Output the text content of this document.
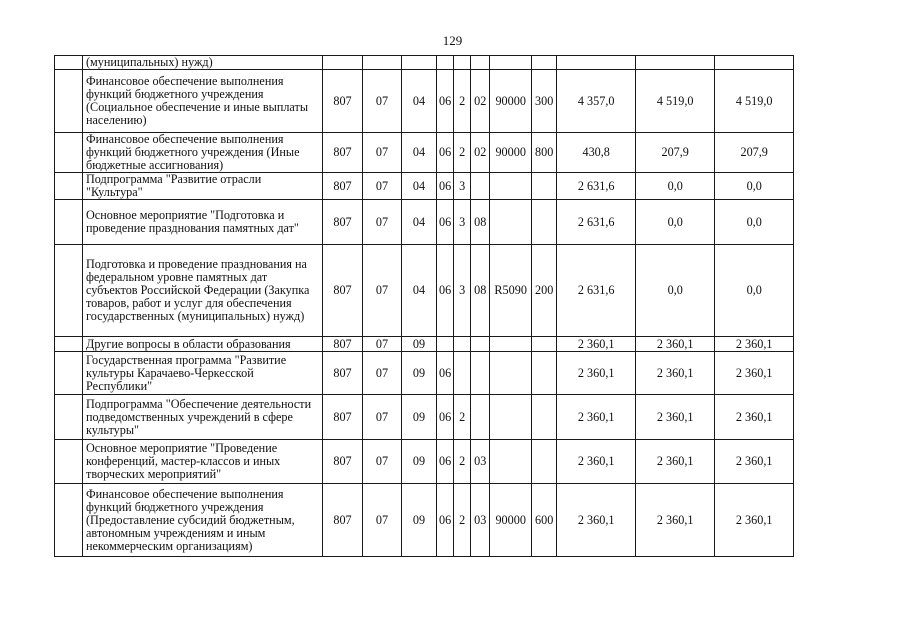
129
	(муниципальных) нужд)											
	Финансовое обеспечение выполнения функций бюджетного учреждения (Социальное обеспечение и иные выплаты населению)	807	07	04	06	2	02	90000	300	4 357,0	4 519,0	4 519,0
	Финансовое обеспечение выполнения функций бюджетного учреждения (Иные бюджетные ассигнования)	807	07	04	06	2	02	90000	800	430,8	207,9	207,9
	Подпрограмма "Развитие отрасли "Культура"	807	07	04	06	3				2 631,6	0,0	0,0
	Основное мероприятие "Подготовка и проведение празднования памятных дат"	807	07	04	06	3	08			2 631,6	0,0	0,0
	Подготовка и проведение празднования на федеральном уровне памятных дат субъектов Российской Федерации (Закупка товаров, работ и услуг для обеспечения государственных (муниципальных) нужд)	807	07	04	06	3	08	R5090	200	2 631,6	0,0	0,0
	Другие вопросы в области образования	807	07	09						2 360,1	2 360,1	2 360,1
	Государственная программа "Развитие культуры Карачаево-Черкесской Республики"	807	07	09	06					2 360,1	2 360,1	2 360,1
	Подпрограмма "Обеспечение деятельности подведомственных учреждений в сфере культуры"	807	07	09	06	2				2 360,1	2 360,1	2 360,1
	Основное мероприятие "Проведение конференций, мастер-классов и иных творческих мероприятий"	807	07	09	06	2	03			2 360,1	2 360,1	2 360,1
	Финансовое обеспечение выполнения функций бюджетного учреждения (Предоставление субсидий бюджетным, автономным учреждениям и иным некоммерческим организациям)	807	07	09	06	2	03	90000	600	2 360,1	2 360,1	2 360,1
